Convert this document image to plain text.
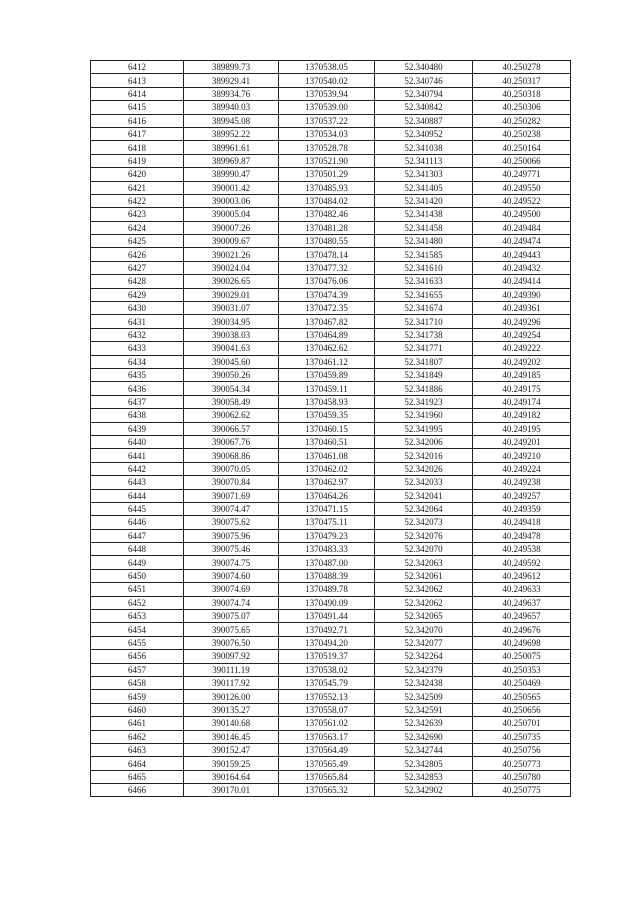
6412	389899.73	1370538.05	52.340480	40.250278
6413	389929.41	1370540.02	52.340746	40.250317
6414	389934.76	1370539.94	52.340794	40.250318
6415	389940.03	1370539.00	52.340842	40.250306
6416	389945.08	1370537.22	52.340887	40.250282
6417	389952.22	1370534.03	52.340952	40.250238
6418	389961.61	1370528.78	52.341038	40.250164
6419	389969.87	1370521.90	52.341113	40.250066
6420	389990.47	1370501.29	52.341303	40.249771
6421	390001.42	1370485.93	52.341405	40.249550
6422	390003.06	1370484.02	52.341420	40.249522
6423	390005.04	1370482.46	52.341438	40.249500
6424	390007.26	1370481.28	52.341458	40.249484
6425	390009.67	1370480.55	52.341480	40.249474
6426	390021.26	1370478.14	52.341585	40.249443
6427	390024.04	1370477.32	52.341610	40.249432
6428	390026.65	1370476.06	52.341633	40.249414
6429	390029.01	1370474.39	52.341655	40.249390
6430	390031.07	1370472.35	52.341674	40.249361
6431	390034.95	1370467.82	52.341710	40.249296
6432	390038.03	1370464.89	52.341738	40.249254
6433	390041.63	1370462.62	52.341771	40.249222
6434	390045.60	1370461.12	52.341807	40.249202
6435	390050.26	1370459.89	52.341849	40.249185
6436	390054.34	1370459.11	52.341886	40.249175
6437	390058.49	1370458.93	52.341923	40.249174
6438	390062.62	1370459.35	52.341960	40.249182
6439	390066.57	1370460.15	52.341995	40.249195
6440	390067.76	1370460.51	52.342006	40.249201
6441	390068.86	1370461.08	52.342016	40.249210
6442	390070.05	1370462.02	52.342026	40.249224
6443	390070.84	1370462.97	52.342033	40.249238
6444	390071.69	1370464.26	52.342041	40.249257
6445	390074.47	1370471.15	52.342064	40.249359
6446	390075.62	1370475.11	52.342073	40.249418
6447	390075.96	1370479.23	52.342076	40.249478
6448	390075.46	1370483.33	52.342070	40.249538
6449	390074.75	1370487.00	52.342063	40.249592
6450	390074.60	1370488.39	52.342061	40.249612
6451	390074.69	1370489.78	52.342062	40.249633
6452	390074.74	1370490.09	52.342062	40.249637
6453	390075.07	1370491.44	52.342065	40.249657
6454	390075.65	1370492.71	52.342070	40.249676
6455	390076.50	1370494.20	52.342077	40.249698
6456	390097.92	1370519.37	52.342264	40.250075
6457	390111.19	1370538.02	52.342379	40.250353
6458	390117.92	1370545.79	52.342438	40.250469
6459	390126.00	1370552.13	52.342509	40.250565
6460	390135.27	1370558.07	52.342591	40.250656
6461	390140.68	1370561.02	52.342639	40.250701
6462	390146.45	1370563.17	52.342690	40.250735
6463	390152.47	1370564.49	52.342744	40.250756
6464	390159.25	1370565.49	52.342805	40.250773
6465	390164.64	1370565.84	52.342853	40.250780
6466	390170.01	1370565.32	52.342902	40.250775
